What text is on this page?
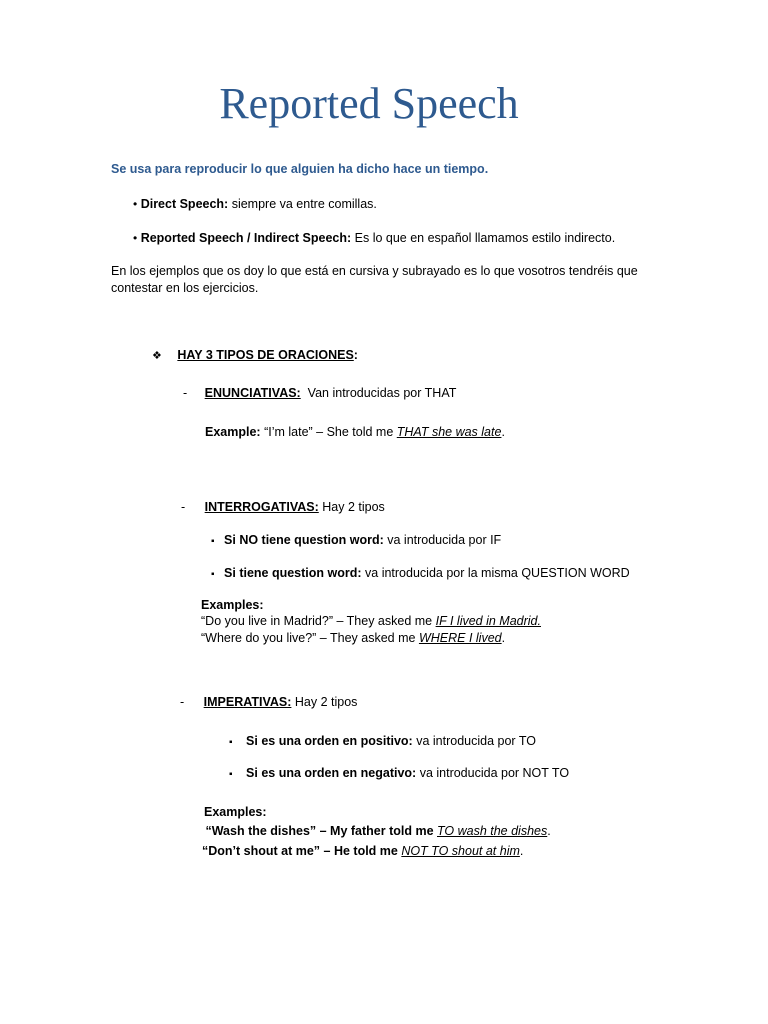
Reported Speech
Se usa para reproducir lo que alguien ha dicho hace un tiempo.
• Direct Speech: siempre va entre comillas.
• Reported Speech / Indirect Speech: Es lo que en español llamamos estilo indirecto.
En los ejemplos que os doy lo que está en cursiva y subrayado es lo que vosotros tendréis que contestar en los ejercicios.
❖ HAY 3 TIPOS DE ORACIONES:
- ENUNCIATIVAS:  Van introducidas por THAT
Example: “I’m late” – She told me THAT she was late.
- INTERROGATIVAS: Hay 2 tipos
▪ Si NO tiene question word: va introducida por IF
▪ Si tiene question word: va introducida por la misma QUESTION WORD
Examples:
“Do you live in Madrid?” – They asked me IF I lived in Madrid.
“Where do you live?” – They asked me WHERE I lived.
- IMPERATIVAS: Hay 2 tipos
▪ Si es una orden en positivo: va introducida por TO
▪ Si es una orden en negativo: va introducida por NOT TO
Examples:
“Wash the dishes” – My father told me TO wash the dishes.
“Don’t shout at me” – He told me NOT TO shout at him.
